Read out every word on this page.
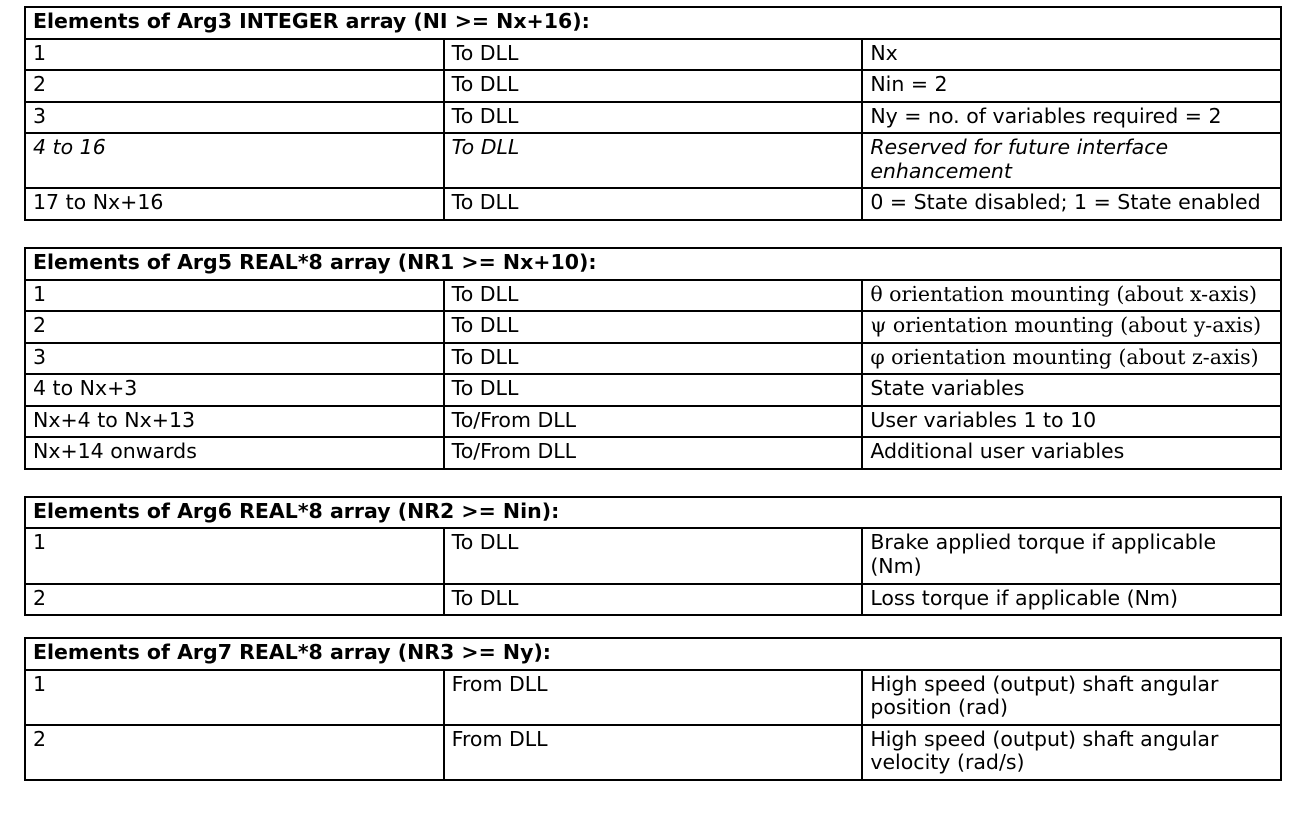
Elements of Arg3 INTEGER array (NI >= Nx+16):		
1	To DLL	Nx
2	To DLL	Nin = 2
3	To DLL	Ny = no. of variables required = 2
4 to 16	To DLL	Reserved for future interface enhancement
17 to Nx+16	To DLL	0 = State disabled; 1 = State enabled
Elements of Arg5 REAL*8 array (NR1 >= Nx+10):		
1	To DLL	θ orientation mounting (about x-axis)
2	To DLL	ψ orientation mounting (about y-axis)
3	To DLL	φ orientation mounting (about z-axis)
4 to Nx+3	To DLL	State variables
Nx+4 to Nx+13	To/From DLL	User variables 1 to 10
Nx+14 onwards	To/From DLL	Additional user variables
Elements of Arg6 REAL*8 array (NR2 >= Nin):		
1	To DLL	Brake applied torque if applicable (Nm)
2	To DLL	Loss torque if applicable (Nm)
Elements of Arg7 REAL*8 array (NR3 >= Ny):		
1	From DLL	High speed (output) shaft angular position (rad)
2	From DLL	High speed (output) shaft angular velocity (rad/s)
